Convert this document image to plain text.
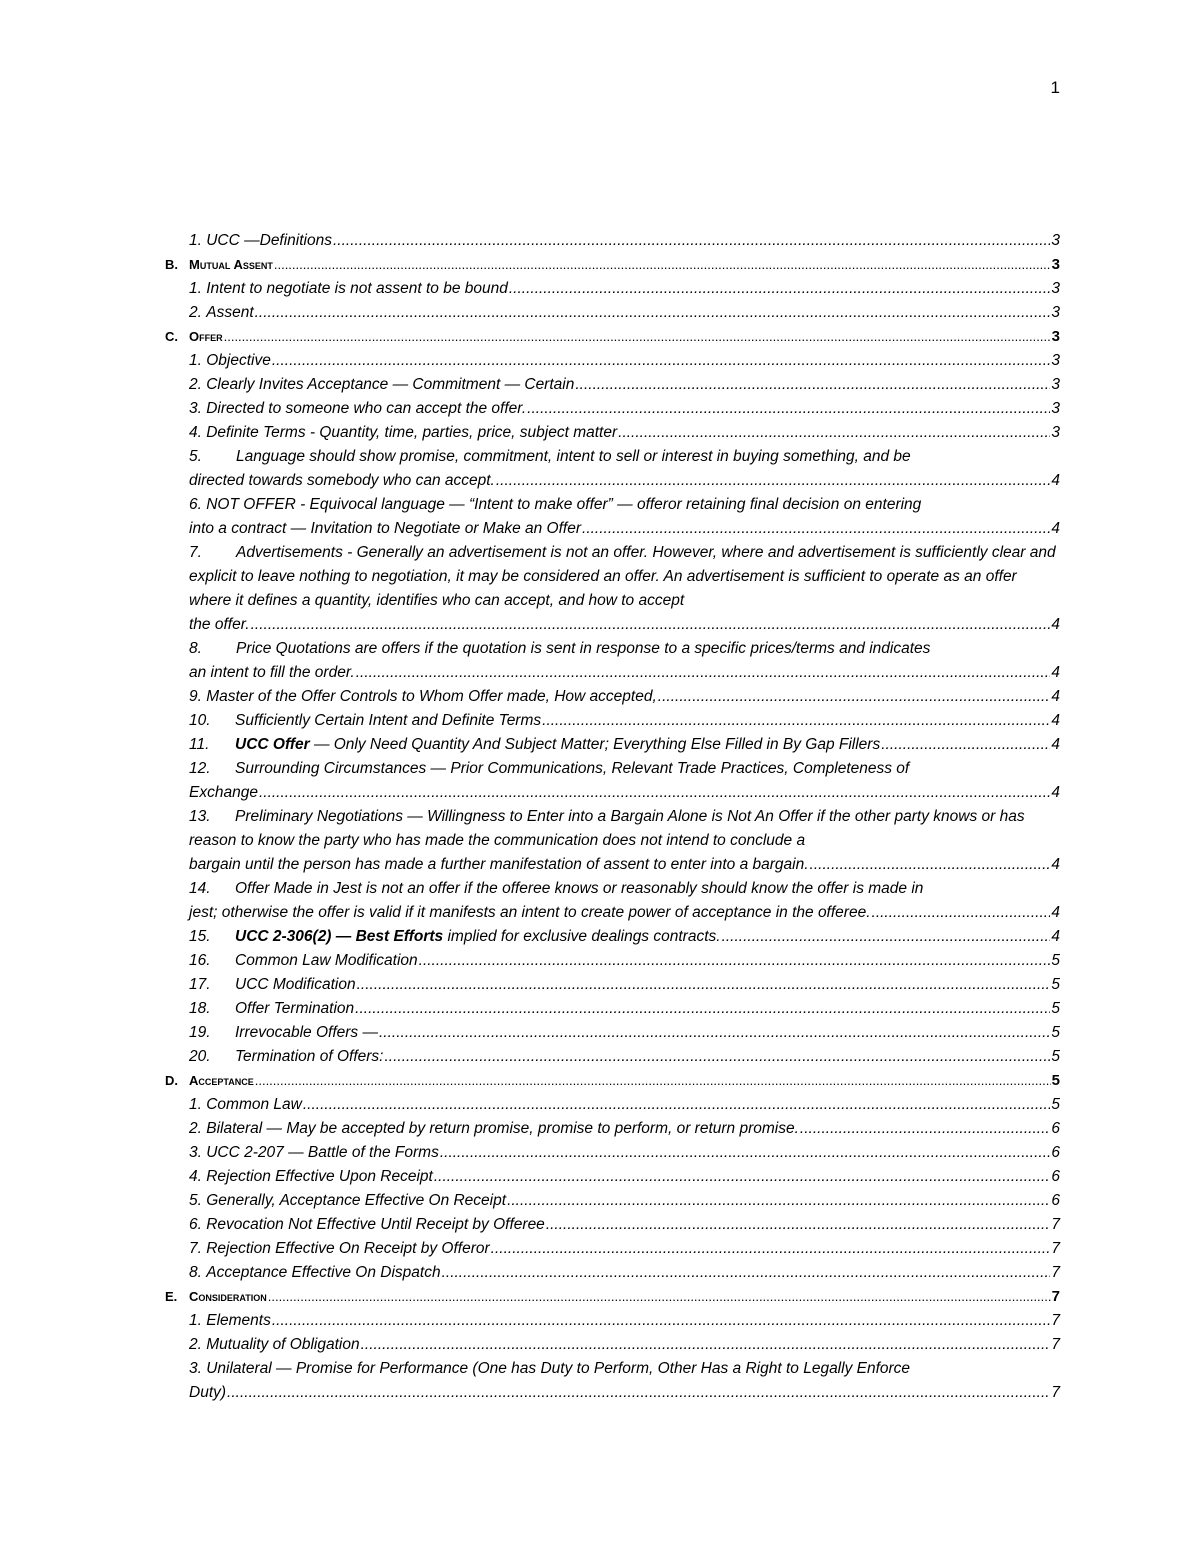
1
1. UCC —Definitions .....	3
B. Mutual Assent .....	3
1. Intent to negotiate is not assent to be bound .....	3
2. Assent .....	3
C. Offer .....	3
1. Objective .....	3
2. Clearly Invites Acceptance — Commitment — Certain .....	3
3. Directed to someone who can accept the offer. .....	3
4. Definite Terms - Quantity, time, parties, price, subject matter .....	3
5. Language should show promise, commitment, intent to sell or interest in buying something, and be
directed towards somebody who can accept. .....	4
6. NOT OFFER - Equivocal language — “Intent to make offer” — offeror retaining final decision on entering
into a contract — Invitation to Negotiate or Make an Offer .....	4
7. Advertisements - Generally an advertisement is not an offer. However, where and advertisement is sufficiently clear and explicit to leave nothing to negotiation, it may be considered an offer. An advertisement is sufficient to operate as an offer where it defines a quantity, identifies who can accept, and how to accept
the offer. .....	4
8. Price Quotations are offers if the quotation is sent in response to a specific prices/terms and indicates
an intent to fill the order. .....	4
9. Master of the Offer Controls to Whom Offer made, How accepted, .....	4
10.	Sufficiently Certain Intent and Definite Terms .....	4
11.	UCC Offer — Only Need Quantity And Subject Matter; Everything Else Filled in By Gap Fillers .....	4
12. Surrounding Circumstances — Prior Communications, Relevant Trade Practices, Completeness of
Exchange .....	4
13. Preliminary Negotiations — Willingness to Enter into a Bargain Alone is Not An Offer if the other party knows or has reason to know the party who has made the communication does not intend to conclude a
bargain until the person has made a further manifestation of assent to enter into a bargain. .....	4
14. Offer Made in Jest is not an offer if the offeree knows or reasonably should know the offer is made in
jest; otherwise the offer is valid if it manifests an intent to create power of acceptance in the offeree. .....	4
15.	UCC 2-306(2) — Best Efforts implied for exclusive dealings contracts. .....	4
16.	Common Law Modification .....	5
17.	UCC Modification .....	5
18.	Offer Termination .....	5
19.	Irrevocable Offers — .....	5
20.	Termination of Offers: .....	5
D. Acceptance .....	5
1. Common Law .....	5
2. Bilateral — May be accepted by return promise, promise to perform, or return promise. .....	6
3. UCC 2-207 — Battle of the Forms .....	6
4. Rejection Effective Upon Receipt .....	6
5. Generally, Acceptance Effective On Receipt .....	6
6. Revocation Not Effective Until Receipt by Offeree .....	7
7. Rejection Effective On Receipt by Offeror .....	7
8. Acceptance Effective On Dispatch .....	7
E. Consideration .....	7
1. Elements .....	7
2. Mutuality of Obligation .....	7
3. Unilateral — Promise for Performance (One has Duty to Perform, Other Has a Right to Legally Enforce
Duty) .....	7
